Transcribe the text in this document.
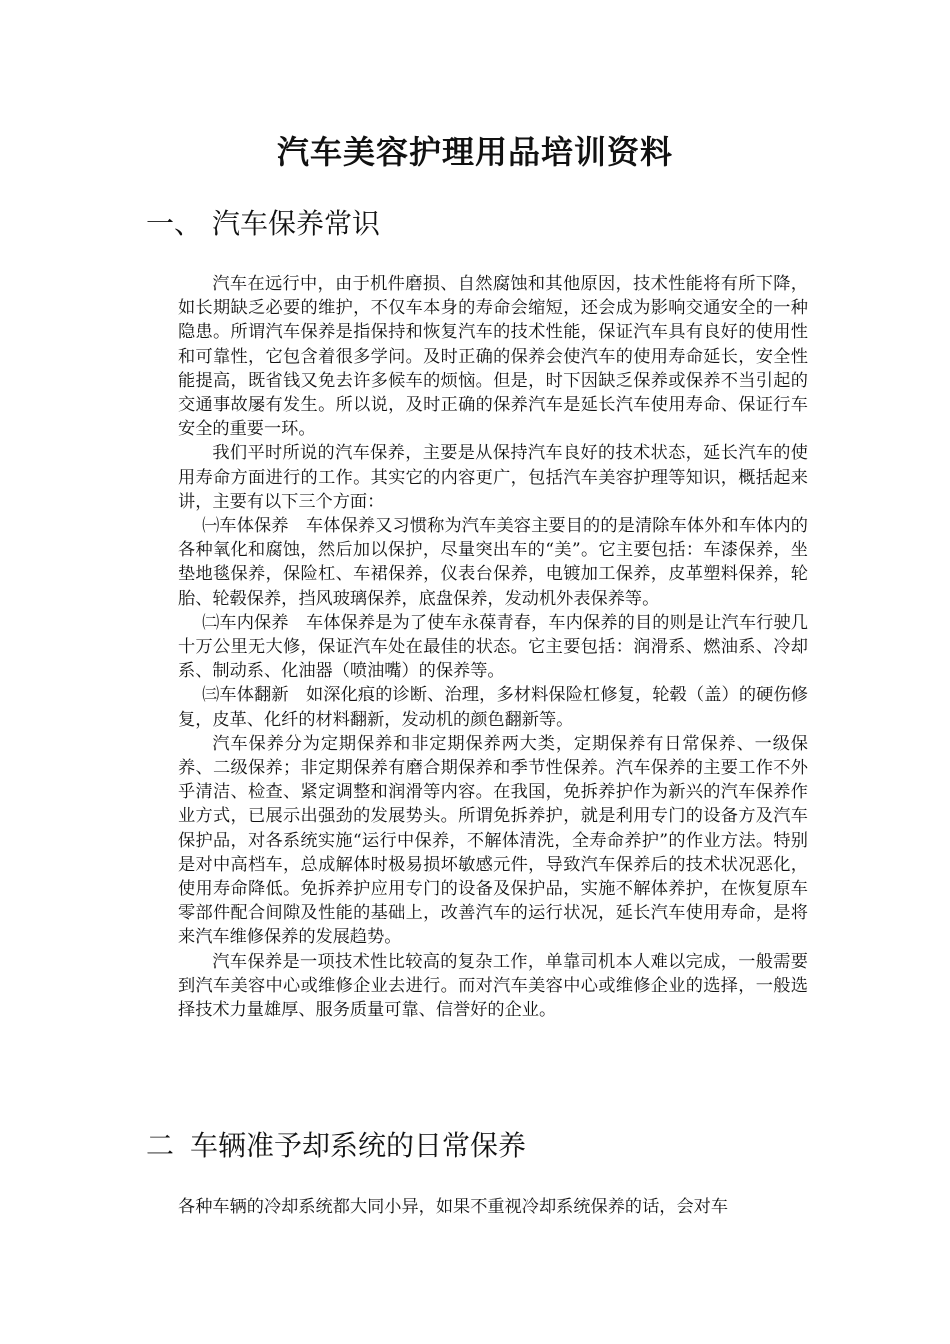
汽车美容护理用品培训资料
一、 汽车保养常识

汽车在远行中，由于机件磨损、自然腐蚀和其他原因，技术性能将有所下降，如长期缺乏必要的维护，不仅车本身的寿命会缩短，还会成为影响交通安全的一种隐患。所谓汽车保养是指保持和恢复汽车的技术性能，保证汽车具有良好的使用性和可靠性，它包含着很多学问。及时正确的保养会使汽车的使用寿命延长，安全性能提高，既省钱又免去许多候车的烦恼。但是，时下因缺乏保养或保养不当引起的交通事故屡有发生。所以说，及时正确的保养汽车是延长汽车使用寿命、保证行车安全的重要一环。

我们平时所说的汽车保养，主要是从保持汽车良好的技术状态，延长汽车的使用寿命方面进行的工作。其实它的内容更广，包括汽车美容护理等知识，概括起来讲，主要有以下三个方面：

㈠车体保养　车体保养又习惯称为汽车美容主要目的的是清除车体外和车体内的各种氧化和腐蚀，然后加以保护，尽量突出车的“美”。它主要包括：车漆保养，坐垫地毯保养，保险杠、车裙保养，仪表台保养，电镀加工保养，皮革塑料保养，轮胎、轮毂保养，挡风玻璃保养，底盘保养，发动机外表保养等。

㈡车内保养　车体保养是为了使车永葆青春，车内保养的目的则是让汽车行驶几十万公里无大修，保证汽车处在最佳的状态。它主要包括：润滑系、燃油系、冷却系、制动系、化油器（喷油嘴）的保养等。

㈢车体翻新　如深化痕的诊断、治理，多材料保险杠修复，轮毂（盖）的硬伤修复，皮革、化纤的材料翻新，发动机的颜色翻新等。

汽车保养分为定期保养和非定期保养两大类，定期保养有日常保养、一级保养、二级保养；非定期保养有磨合期保养和季节性保养。汽车保养的主要工作不外乎清洁、检查、紧定调整和润滑等内容。在我国，免拆养护作为新兴的汽车保养作业方式，已展示出强劲的发展势头。所谓免拆养护，就是利用专门的设备方及汽车保护品，对各系统实施“运行中保养，不解体清洗，全寿命养护”的作业方法。特别是对中高档车，总成解体时极易损坏敏感元件，导致汽车保养后的技术状况恶化，使用寿命降低。免拆养护应用专门的设备及保护品，实施不解体养护，在恢复原车零部件配合间隙及性能的基础上，改善汽车的运行状况，延长汽车使用寿命，是将来汽车维修保养的发展趋势。

汽车保养是一项技术性比较高的复杂工作，单靠司机本人难以完成，一般需要到汽车美容中心或维修企业去进行。而对汽车美容中心或维修企业的选择，一般选择技术力量雄厚、服务质量可靠、信誉好的企业。

二 车辆准予却系统的日常保养

各种车辆的冷却系统都大同小异，如果不重视冷却系统保养的话，会对车
